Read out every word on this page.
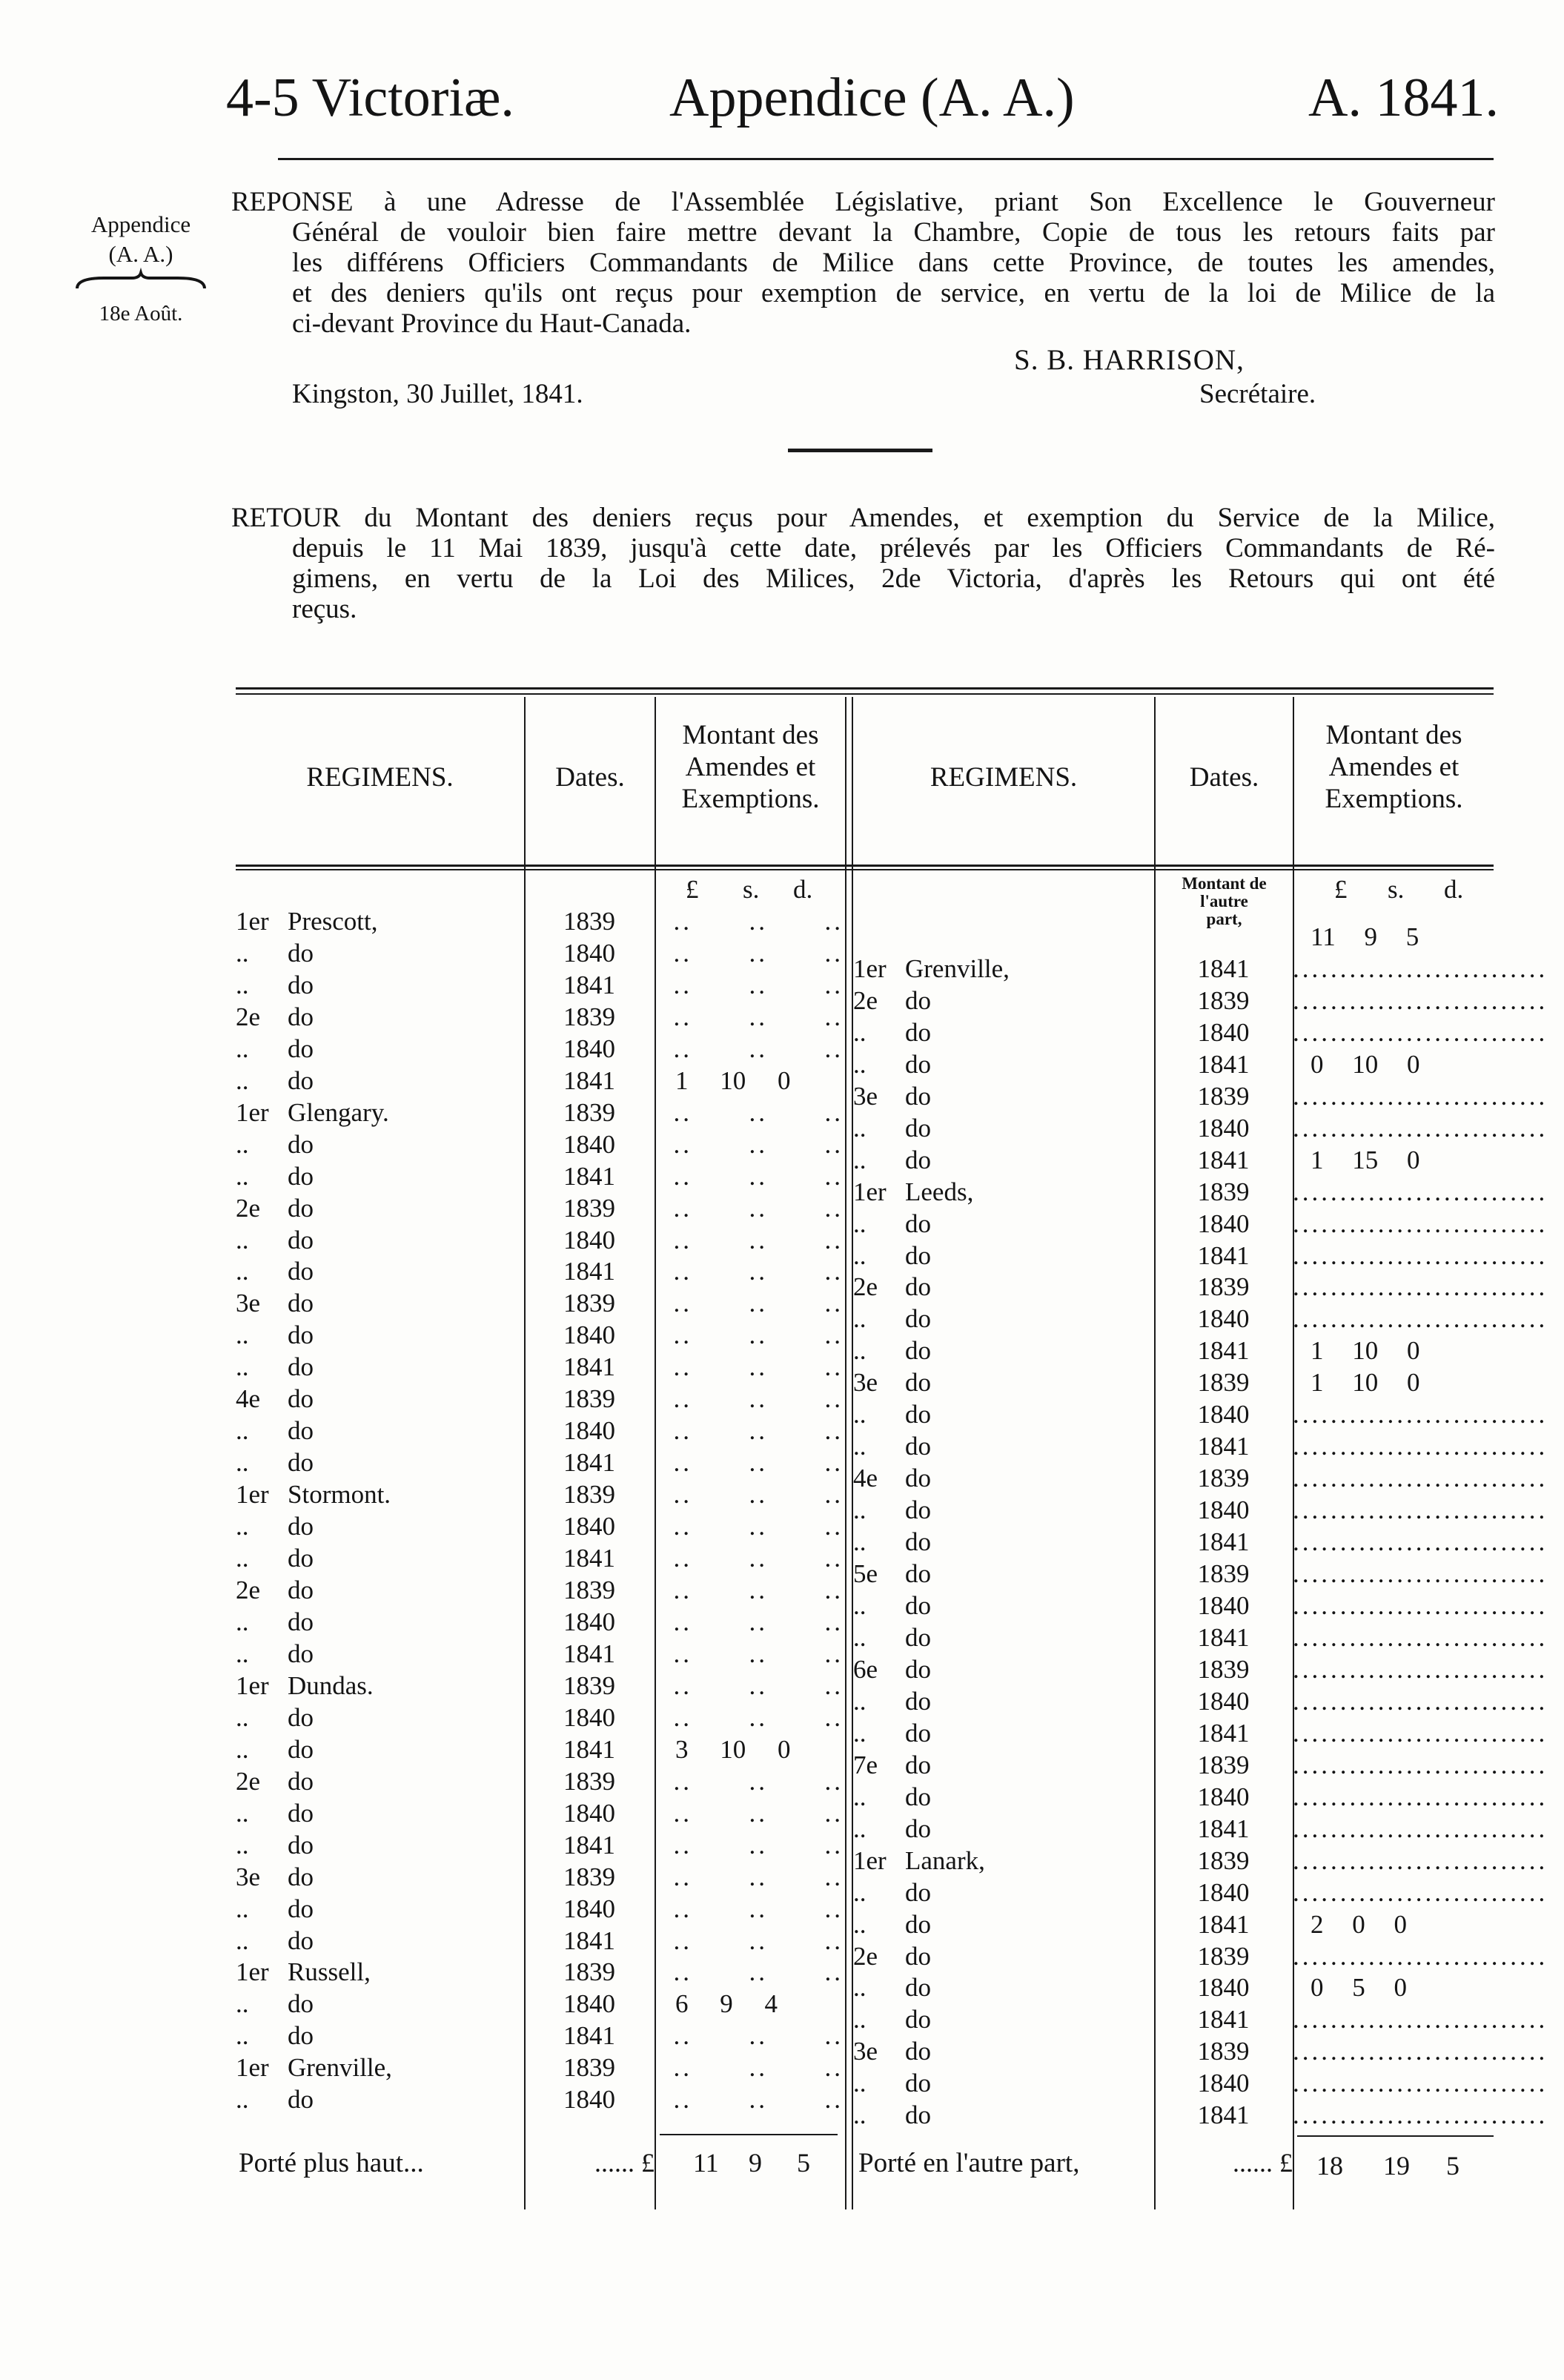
4-5 Victoriæ.	Appendice (A. A.)	A. 1841.
Appendice
(A. A.)
18e Août.
REPONSE à une Adresse de l'Assemblée Législative, priant Son Excellence le Gouverneur
Général de vouloir bien faire mettre devant la Chambre, Copie de tous les retours faits par
les différens Officiers Commandants de Milice dans cette Province, de toutes les amendes,
et des deniers qu'ils ont reçus pour exemption de service, en vertu de la loi de Milice de la
ci-devant Province du Haut-Canada.
S. B. HARRISON,
Kingston, 30 Juillet, 1841.	Secrétaire.
RETOUR du Montant des deniers reçus pour Amendes, et exemption du Service de la Milice,
depuis le 11 Mai 1839, jusqu'à cette date, prélevés par les Officiers Commandants de Ré-
gimens, en vertu de la Loi des Milices, 2de Victoria, d'après les Retours qui ont été
reçus.
REGIMENS.	Dates.
Montant des
Amendes et
Exemptions.
REGIMENS.	Dates.
Montant des
Amendes et
Exemptions.
£ s. d.	£ s. d.
Montant de
l'autre
part,
1er	Prescott,	1839	..      ..      ..
..	do	1840	..      ..      ..
..	do	1841	..      ..      ..
2e	do	1839	..      ..      ..
..	do	1840	..      ..      ..
..	do	1841	1 10 0
1er	Glengary.	1839	..      ..      ..
..	do	1840	..      ..      ..
..	do	1841	..      ..      ..
2e	do	1839	..      ..      ..
..	do	1840	..      ..      ..
..	do	1841	..      ..      ..
3e	do	1839	..      ..      ..
..	do	1840	..      ..      ..
..	do	1841	..      ..      ..
4e	do	1839	..      ..      ..
..	do	1840	..      ..      ..
..	do	1841	..      ..      ..
1er	Stormont.	1839	..      ..      ..
..	do	1840	..      ..      ..
..	do	1841	..      ..      ..
2e	do	1839	..      ..      ..
..	do	1840	..      ..      ..
..	do	1841	..      ..      ..
1er	Dundas.	1839	..      ..      ..
..	do	1840	..      ..      ..
..	do	1841	3 10 0
2e	do	1839	..      ..      ..
..	do	1840	..      ..      ..
..	do	1841	..      ..      ..
3e	do	1839	..      ..      ..
..	do	1840	..      ..      ..
..	do	1841	..      ..      ..
1er	Russell,	1839	..      ..      ..
..	do	1840	6 9 4
..	do	1841	..      ..      ..
1er	Grenville,	1839	..      ..      ..
..	do	1840	..      ..      ..
			11 9 5
1er	Grenville,	1841	...........................
2e	do	1839	...........................
..	do	1840	...........................
..	do	1841	0 10 0
3e	do	1839	...........................
..	do	1840	...........................
..	do	1841	1 15 0
1er	Leeds,	1839	...........................
..	do	1840	...........................
..	do	1841	...........................
2e	do	1839	...........................
..	do	1840	...........................
..	do	1841	1 10 0
3e	do	1839	1 10 0
..	do	1840	...........................
..	do	1841	...........................
4e	do	1839	...........................
..	do	1840	...........................
..	do	1841	...........................
5e	do	1839	...........................
..	do	1840	...........................
..	do	1841	...........................
6e	do	1839	...........................
..	do	1840	...........................
..	do	1841	...........................
7e	do	1839	...........................
..	do	1840	...........................
..	do	1841	...........................
1er	Lanark,	1839	...........................
..	do	1840	...........................
..	do	1841	2 0 0
2e	do	1839	...........................
..	do	1840	0 5 0
..	do	1841	...........................
3e	do	1839	...........................
..	do	1840	...........................
..	do	1841	...........................
Porté plus haut...	...... £ 11 9 5 Porté en l'autre part,	...... £ 18 19 5
